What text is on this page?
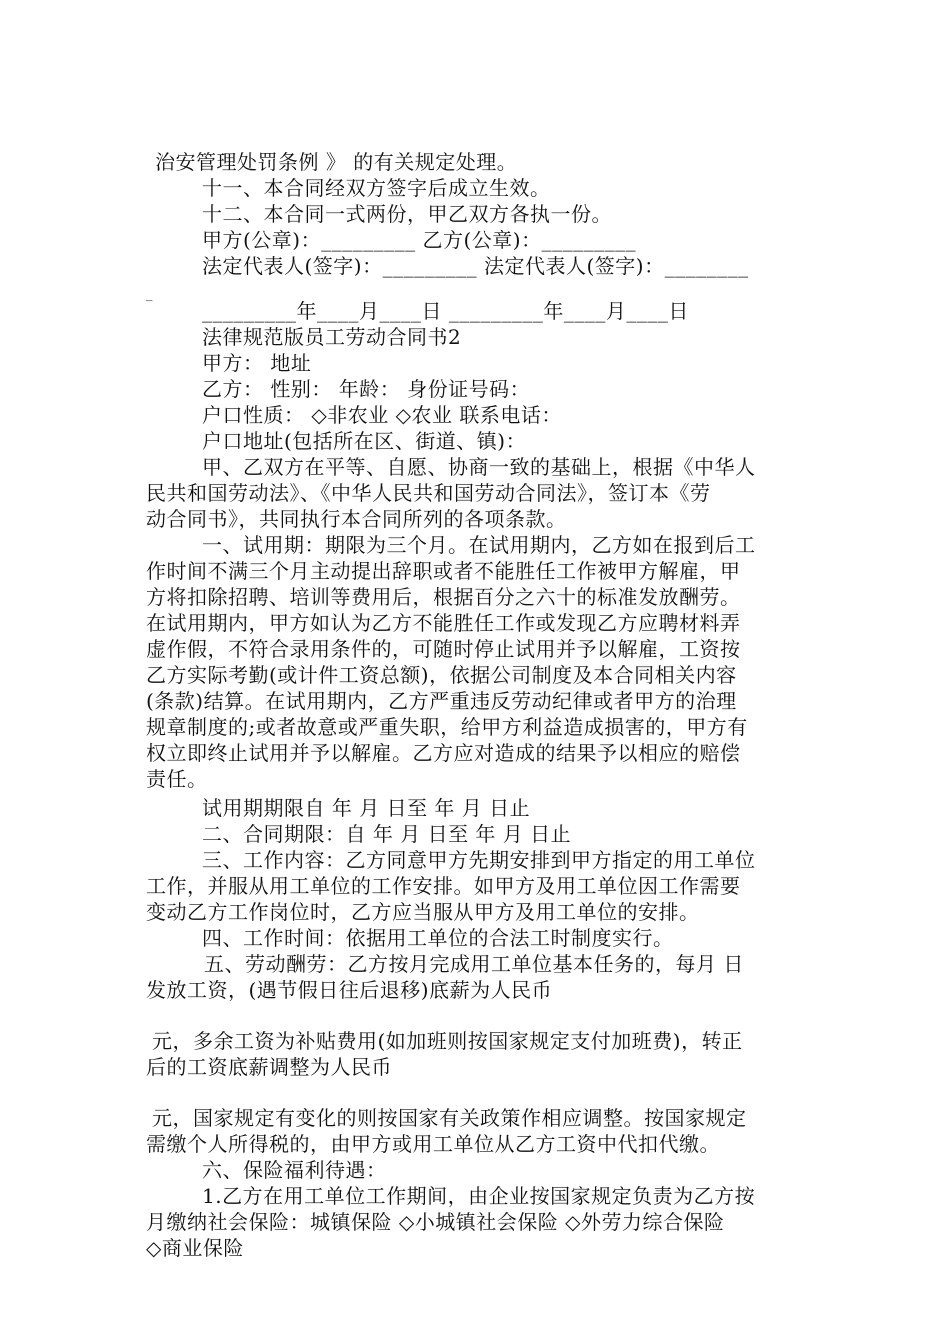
治安管理处罚条例 》 的有关规定处理。
十一、本合同经双方签字后成立生效。
十二、本合同一式两份，甲乙双方各执一份。
甲方(公章)：_________ 乙方(公章)：_________
法定代表人(签字)：_________ 法定代表人(签字)：________
_
_________年____月____日 _________年____月____日
法律规范版员工劳动合同书2
甲方： 地址
乙方： 性别： 年龄： 身份证号码：
户口性质： ◇非农业 ◇农业 联系电话：
户口地址(包括所在区、街道、镇)：
甲、乙双方在平等、自愿、协商一致的基础上，根据《中华人
民共和国劳动法》、《中华人民共和国劳动合同法》，签订本《劳
动合同书》，共同执行本合同所列的各项条款。
一、试用期：期限为三个月。在试用期内，乙方如在报到后工
作时间不满三个月主动提出辞职或者不能胜任工作被甲方解雇，甲
方将扣除招聘、培训等费用后，根据百分之六十的标准发放酬劳。
在试用期内，甲方如认为乙方不能胜任工作或发现乙方应聘材料弄
虚作假，不符合录用条件的，可随时停止试用并予以解雇，工资按
乙方实际考勤(或计件工资总额)，依据公司制度及本合同相关内容
(条款)结算。在试用期内，乙方严重违反劳动纪律或者甲方的治理
规章制度的;或者故意或严重失职，给甲方利益造成损害的，甲方有
权立即终止试用并予以解雇。乙方应对造成的结果予以相应的赔偿
责任。
试用期期限自 年 月 日至 年 月 日止
二、合同期限：自 年 月 日至 年 月 日止
三、工作内容：乙方同意甲方先期安排到甲方指定的用工单位
工作，并服从用工单位的工作安排。如甲方及用工单位因工作需要
变动乙方工作岗位时，乙方应当服从甲方及用工单位的安排。
四、工作时间：依据用工单位的合法工时制度实行。
五、劳动酬劳：乙方按月完成用工单位基本任务的，每月 日
发放工资，(遇节假日往后退移)底薪为人民币
元，多余工资为补贴费用(如加班则按国家规定支付加班费)，转正
后的工资底薪调整为人民币
元，国家规定有变化的则按国家有关政策作相应调整。按国家规定
需缴个人所得税的，由甲方或用工单位从乙方工资中代扣代缴。
六、保险福利待遇：
1.乙方在用工单位工作期间，由企业按国家规定负责为乙方按
月缴纳社会保险：城镇保险 ◇小城镇社会保险 ◇外劳力综合保险
◇商业保险
